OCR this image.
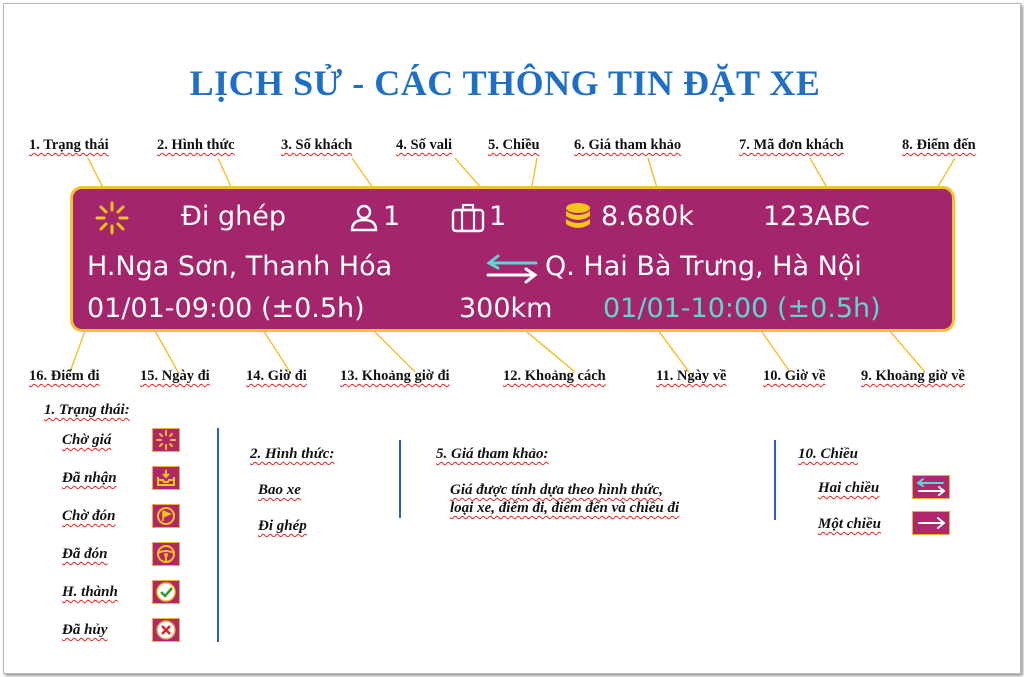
LỊCH SỬ - CÁC THÔNG TIN ĐẶT XE
1. Trạng thái	2. Hình thức	3. Số khách	4. Số vali 5. Chiều 6. Giá tham khảo	7. Mã đơn khách	8. Điểm đến
Đi ghép	1	1	8.680k	123ABC
H.Nga Sơn, Thanh Hóa	Q. Hai Bà Trưng, Hà Nội
01/01-09:00 (±0.5h)	300km 01/01-10:00 (±0.5h)
16. Điểm đi	15. Ngày đi	14. Giờ đi 13. Khoảng giờ đi	12. Khoảng cách	11. Ngày về	10. Giờ về 9. Khoảng giờ về
1. Trạng thái:
Chờ giá
Đã nhận
Chờ đón
Đã đón
H. thành
Đã hủy
2. Hình thức:
Bao xe
Đi ghép
5. Giá tham khảo:
Giá được tính dựa theo hình thức,
loại xe, điểm đi, điểm đến và chiều đi
10. Chiều
Hai chiều
Một chiều
